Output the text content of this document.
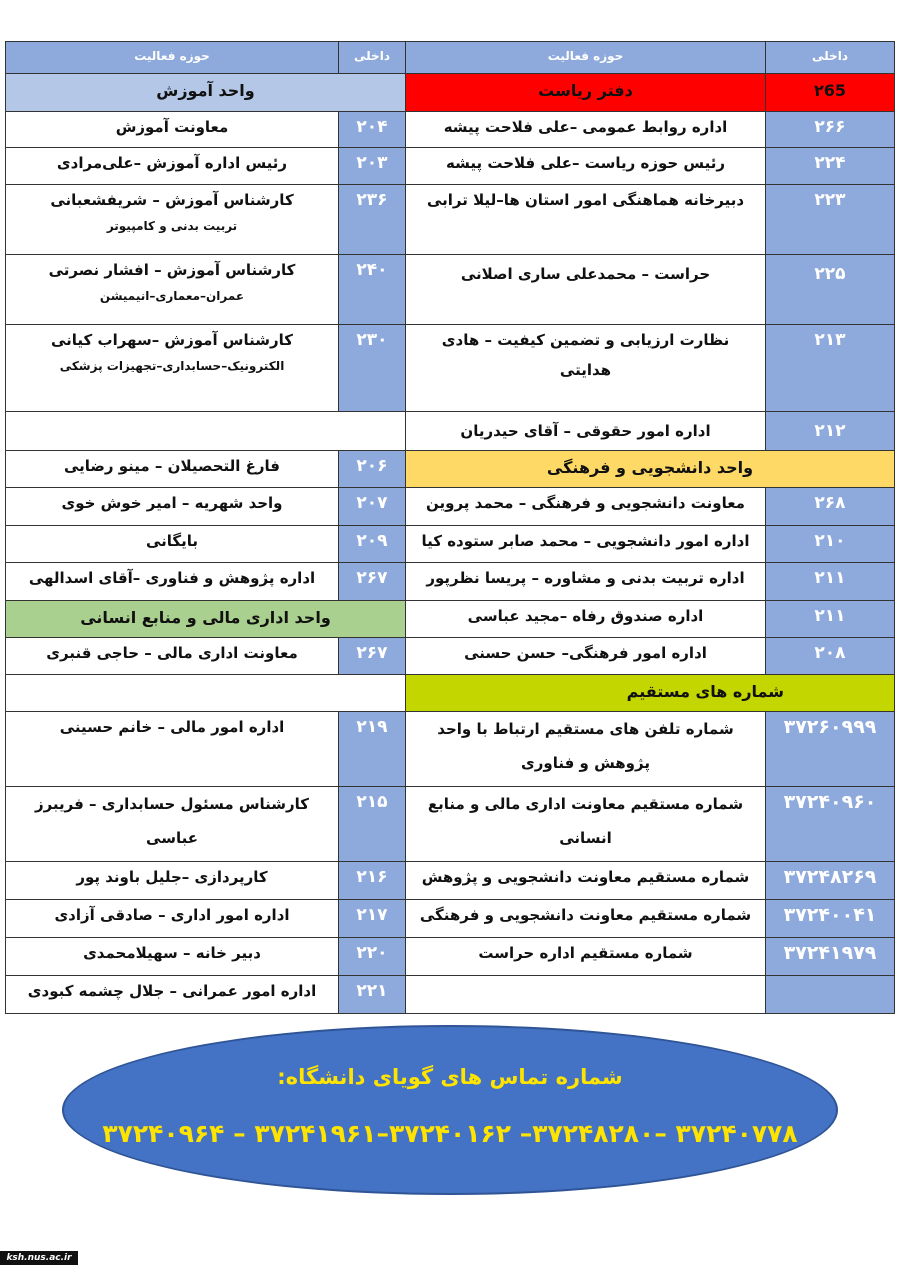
حوزه فعالیت	داخلی	حوزه فعالیت	داخلی
واحد آموزش		دفتر ریاست	۲65
معاونت آموزش	۲۰۴	اداره روابط عمومی –علی فلاحت پیشه	۲۶۶
رئیس اداره آموزش –علی‌مرادی	۲۰۳	رئیس حوزه ریاست –علی فلاحت پیشه	۲۲۴
کارشناس آموزش – شریفشعبانی
تربیت بدنی و کامپیوتر	۲۳۶	دبیرخانه هماهنگی امور استان ها–لیلا ترابی	۲۲۳
کارشناس آموزش – افشار نصرتی
عمران–معماری–انیمیشن	۲۴۰	حراست – محمدعلی ساری اصلانی	۲۲۵
کارشناس آموزش –سهراب کیانی
الکترونیک–حسابداری–تجهیزات پزشکی	۲۳۰	نظارت ارزیابی و تضمین کیفیت – هادی هدایتی	۲۱۳
		اداره امور حقوقی – آقای حیدریان	۲۱۲
فارغ التحصیلان – مینو رضایی	۲۰۶	واحد دانشجویی و فرهنگی	
واحد شهریه – امیر خوش خوی	۲۰۷	معاونت دانشجویی و فرهنگی – محمد پروین	۲۶۸
بایگانی	۲۰۹	اداره امور دانشجویی – محمد صابر ستوده کیا	۲۱۰
اداره پژوهش و فناوری –آقای اسدالهی	۲۶۷	اداره تربیت بدنی و مشاوره – پریسا نظرپور	۲۱۱
واحد اداری مالی و منابع انسانی		اداره صندوق رفاه –مجید عباسی	۲۱۱
معاونت اداری مالی – حاجی قنبری	۲۶۷	اداره امور فرهنگی– حسن حسنی	۲۰۸
		شماره های مستقیم	
اداره امور مالی – خانم حسینی	۲۱۹	شماره تلفن های مستقیم ارتباط با واحد پژوهش و فناوری	۳۷۲۶۰۹۹۹
کارشناس مسئول حسابداری – فریبرز عباسی	۲۱۵	شماره مستقیم معاونت اداری مالی و منابع انسانی	۳۷۲۴۰۹۶۰
کارپردازی –جلیل باوند پور	۲۱۶	شماره مستقیم معاونت دانشجویی و پژوهش	۳۷۲۴۸۲۶۹
اداره امور اداری – صادقی آزادی	۲۱۷	شماره مستقیم معاونت دانشجویی و فرهنگی	۳۷۲۴۰۰۴۱
دبیر خانه – سهیلامحمدی	۲۲۰	شماره مستقیم اداره حراست	۳۷۲۴۱۹۷۹
اداره امور عمرانی – جلال چشمه کبودی	۲۲۱		
شماره تماس های گویای دانشگاه:
۳۷۲۴۰۷۷۸ –۳۷۲۴۸۲۸۰– ۳۷۲۴۰۱۶۲–۳۷۲۴۱۹۶۱ – ۳۷۲۴۰۹۶۴
ksh.nus.ac.ir
